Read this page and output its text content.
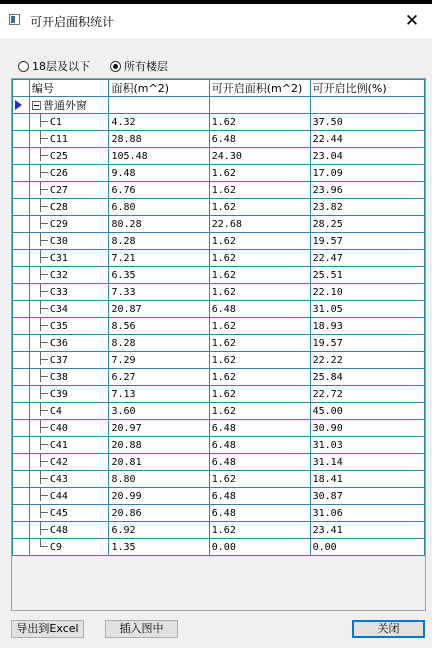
可开启面积统计	✕
18层及以下	所有楼层
	编号	面积(m^2)	可开启面积(m^2)	可开启比例(%)
	普通外窗			
	C1	4.32	1.62	37.50
	C11	28.88	6.48	22.44
	C25	105.48	24.30	23.04
	C26	9.48	1.62	17.09
	C27	6.76	1.62	23.96
	C28	6.80	1.62	23.82
	C29	80.28	22.68	28.25
	C30	8.28	1.62	19.57
	C31	7.21	1.62	22.47
	C32	6.35	1.62	25.51
	C33	7.33	1.62	22.10
	C34	20.87	6.48	31.05
	C35	8.56	1.62	18.93
	C36	8.28	1.62	19.57
	C37	7.29	1.62	22.22
	C38	6.27	1.62	25.84
	C39	7.13	1.62	22.72
	C4	3.60	1.62	45.00
	C40	20.97	6.48	30.90
	C41	20.88	6.48	31.03
	C42	20.81	6.48	31.14
	C43	8.80	1.62	18.41
	C44	20.99	6.48	30.87
	C45	20.86	6.48	31.06
	C48	6.92	1.62	23.41
	C9	1.35	0.00	0.00
导出到Excel	插入图中	关闭
